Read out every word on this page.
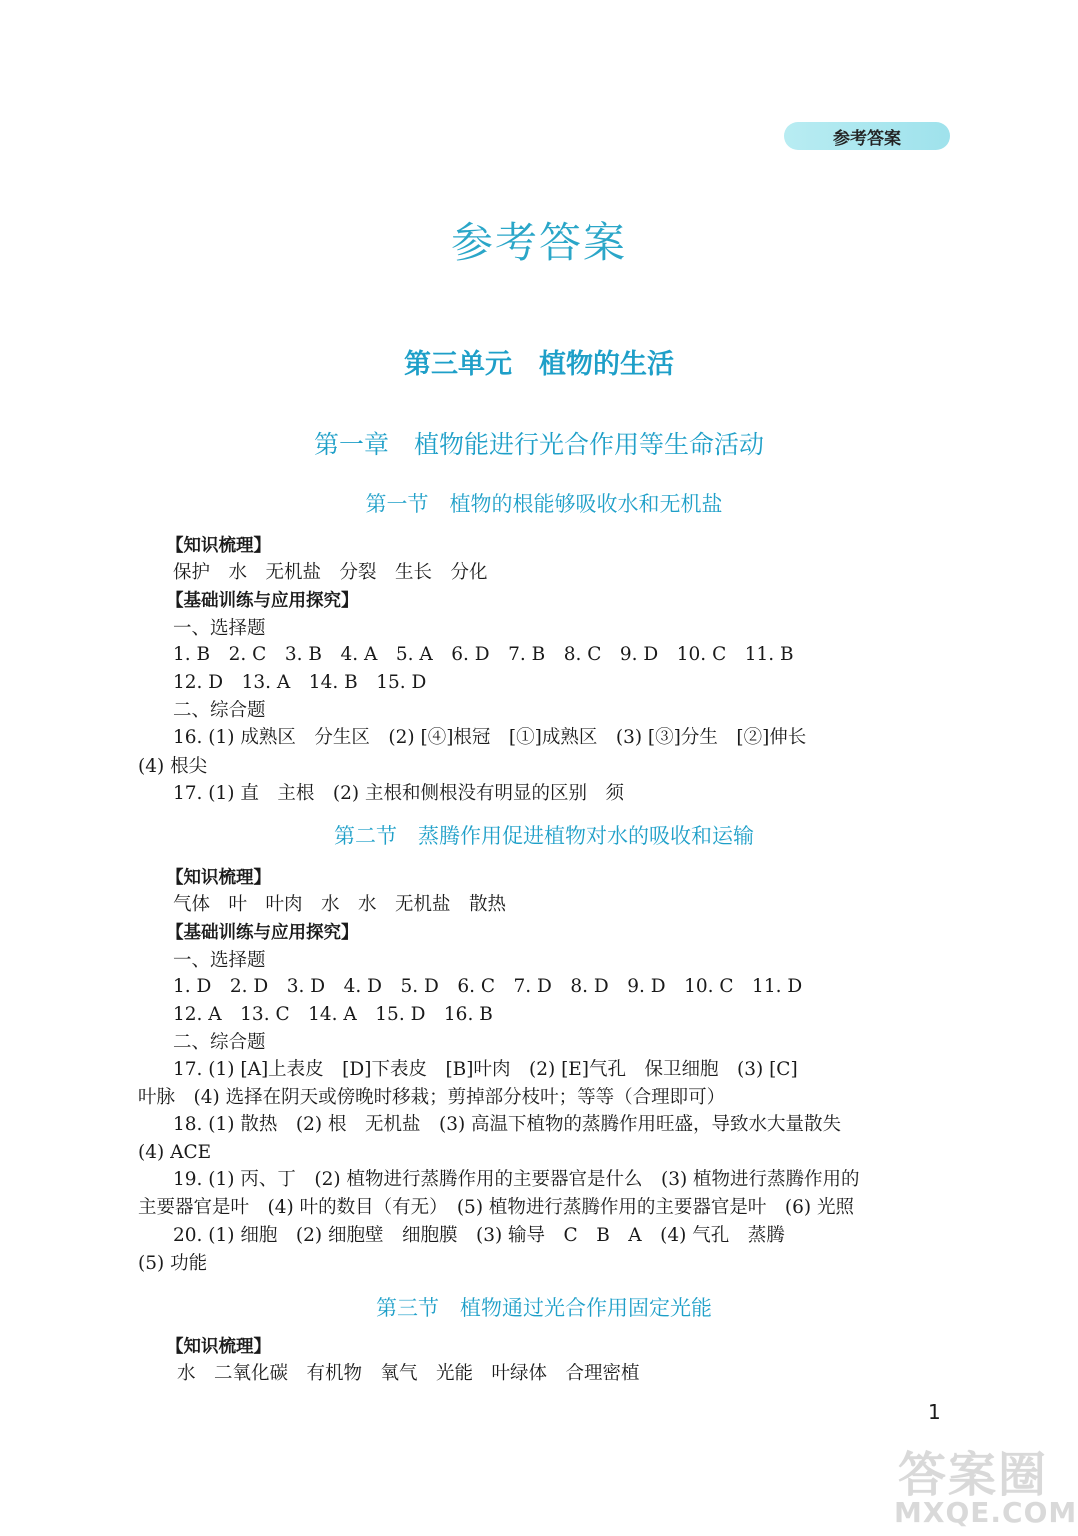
参考答案
参考答案
第三单元　植物的生活
第一章　植物能进行光合作用等生命活动
第一节　植物的根能够吸收水和无机盐
【知识梳理】
保护　水　无机盐　分裂　生长　分化
【基础训练与应用探究】
一、选择题
1. B　2. C　3. B　4. A　5. A　6. D　7. B　8. C　9. D　10. C　11. B
12. D　13. A　14. B　15. D
二、综合题
16. (1) 成熟区　分生区　(2) [④]根冠　[①]成熟区　(3) [③]分生　[②]伸长
(4) 根尖
17. (1) 直　主根　(2) 主根和侧根没有明显的区别　须
第二节　蒸腾作用促进植物对水的吸收和运输
【知识梳理】
气体　叶　叶肉　水　水　无机盐　散热
【基础训练与应用探究】
一、选择题
1. D　2. D　3. D　4. D　5. D　6. C　7. D　8. D　9. D　10. C　11. D
12. A　13. C　14. A　15. D　16. B
二、综合题
17. (1) [A]上表皮　[D]下表皮　[B]叶肉　(2) [E]气孔　保卫细胞　(3) [C]
叶脉　(4) 选择在阴天或傍晚时移栽；剪掉部分枝叶；等等（合理即可）
18. (1) 散热　(2) 根　无机盐　(3) 高温下植物的蒸腾作用旺盛，导致水大量散失
(4) ACE
19. (1) 丙、丁　(2) 植物进行蒸腾作用的主要器官是什么　(3) 植物进行蒸腾作用的
主要器官是叶　(4) 叶的数目（有无）　(5) 植物进行蒸腾作用的主要器官是叶　(6) 光照
20. (1) 细胞　(2) 细胞壁　细胞膜　(3) 输导　C　B　A　(4) 气孔　蒸腾
(5) 功能
第三节　植物通过光合作用固定光能
【知识梳理】
水　二氧化碳　有机物　氧气　光能　叶绿体　合理密植
1
答案圈
MXQE.COM
